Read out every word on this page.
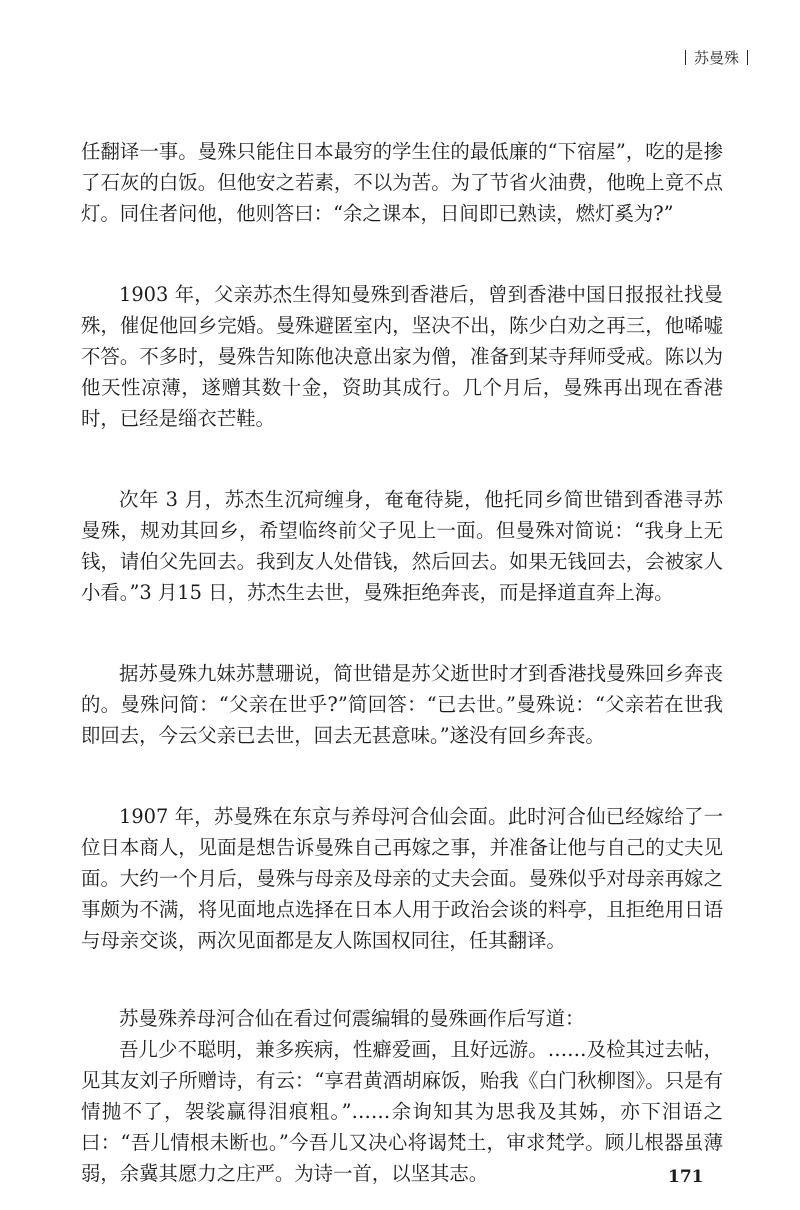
苏曼殊

任翻译一事。曼殊只能住日本最穷的学生住的最低廉的“下宿屋”，吃的是掺了石灰的白饭。但他安之若素，不以为苦。为了节省火油费，他晚上竟不点灯。同住者问他，他则答曰：“余之课本，日间即已熟读，燃灯奚为?”

1903 年，父亲苏杰生得知曼殊到香港后，曾到香港中国日报报社找曼殊，催促他回乡完婚。曼殊避匿室内，坚决不出，陈少白劝之再三，他唏嘘不答。不多时，曼殊告知陈他决意出家为僧，准备到某寺拜师受戒。陈以为他天性凉薄，遂赠其数十金，资助其成行。几个月后，曼殊再出现在香港时，已经是缁衣芒鞋。

次年 3 月，苏杰生沉疴缠身，奄奄待毙，他托同乡简世错到香港寻苏曼殊，规劝其回乡，希望临终前父子见上一面。但曼殊对简说：“我身上无钱，请伯父先回去。我到友人处借钱，然后回去。如果无钱回去，会被家人小看。”3 月15 日，苏杰生去世，曼殊拒绝奔丧，而是择道直奔上海。

据苏曼殊九妹苏慧珊说，简世错是苏父逝世时才到香港找曼殊回乡奔丧的。曼殊问简：“父亲在世乎?”简回答：“已去世。”曼殊说：“父亲若在世我即回去，今云父亲已去世，回去无甚意味。”遂没有回乡奔丧。

1907 年，苏曼殊在东京与养母河合仙会面。此时河合仙已经嫁给了一位日本商人，见面是想告诉曼殊自己再嫁之事，并准备让他与自己的丈夫见面。大约一个月后，曼殊与母亲及母亲的丈夫会面。曼殊似乎对母亲再嫁之事颇为不满，将见面地点选择在日本人用于政治会谈的料亭，且拒绝用日语与母亲交谈，两次见面都是友人陈国权同往，任其翻译。

苏曼殊养母河合仙在看过何震编辑的曼殊画作后写道：

吾儿少不聪明，兼多疾病，性癖爱画，且好远游。……及检其过去帖，见其友刘子所赠诗，有云：“享君黄酒胡麻饭，贻我《白门秋柳图》。只是有情抛不了，袈裟赢得泪痕粗。”……余询知其为思我及其姊，亦下泪语之曰：“吾儿情根未断也。”今吾儿又决心将谒梵土，审求梵学。顾儿根器虽薄弱，余冀其愿力之庄严。为诗一首，以坚其志。	171
